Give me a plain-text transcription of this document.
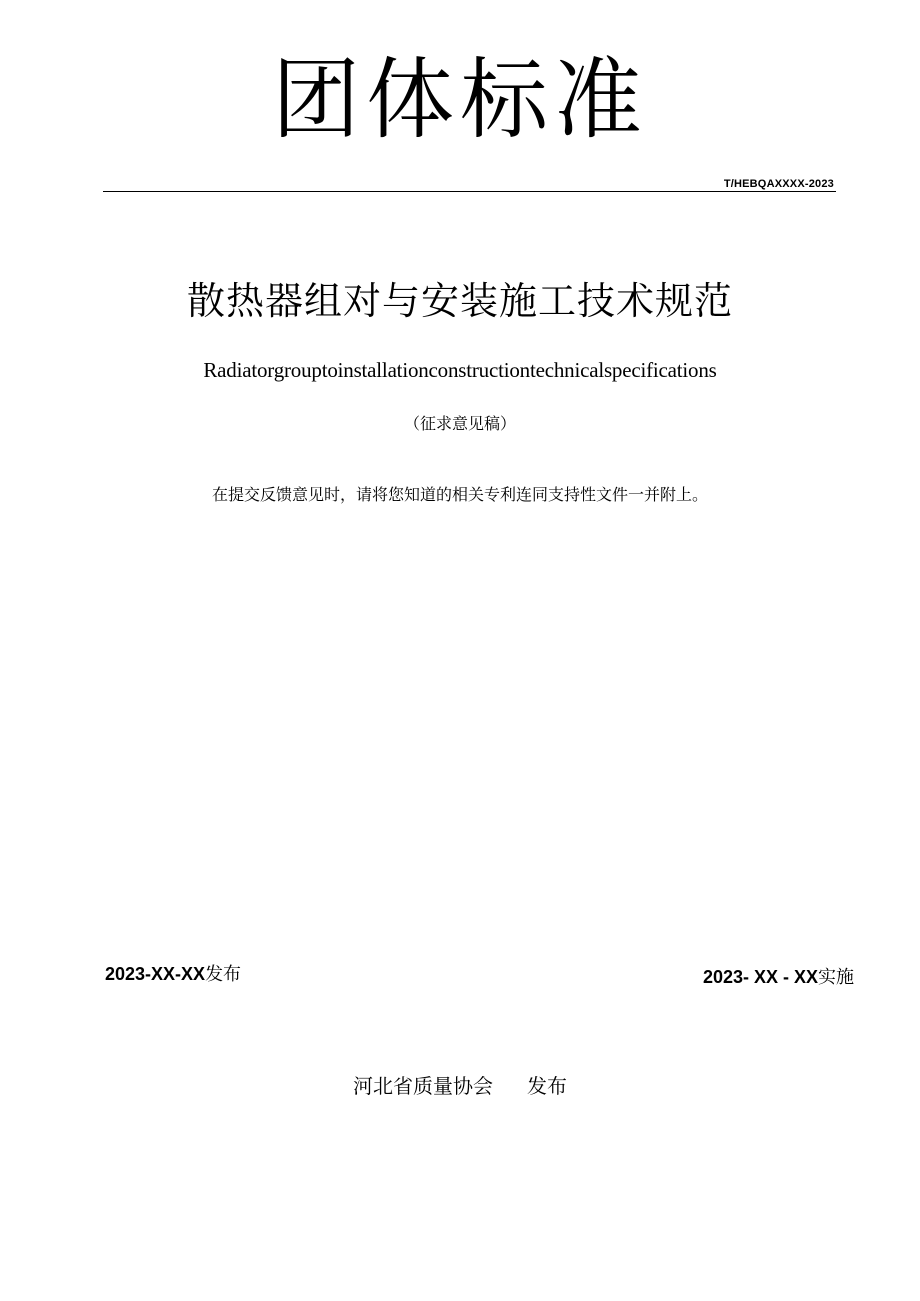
团体标准
T/HEBQAXXXX-2023
散热器组对与安装施工技术规范
Radiatorgrouptoinstallationconstructiontechnicalspecifications
（征求意见稿）
在提交反馈意见时，请将您知道的相关专利连同支持性文件一并附上。
2023-XX-XX发布	2023- XX - XX实施
河北省质量协会 发布
